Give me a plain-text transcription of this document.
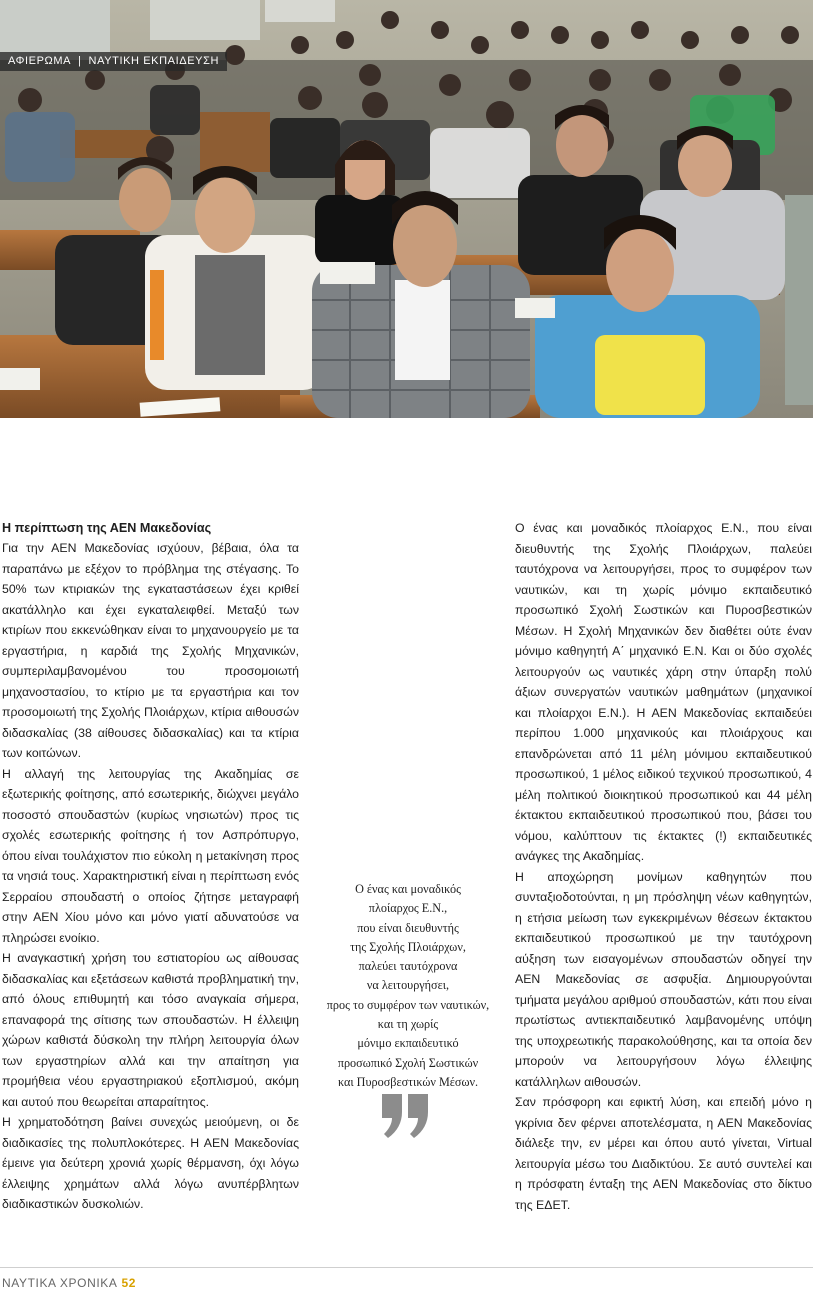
ΑΦΙΕΡΩΜΑ | ΝΑΥΤΙΚΗ ΕΚΠΑΙΔΕΥΣΗ
Η περίπτωση της ΑΕΝ Μακεδονίας

Για την ΑΕΝ Μακεδονίας ισχύουν, βέβαια, όλα τα παραπάνω με εξέχον το πρόβλημα της στέγασης. Το 50% των κτιριακών της εγκαταστάσεων έχει κριθεί ακατάλληλο και έχει εγκαταλειφθεί. Μεταξύ των κτιρίων που εκκενώθηκαν είναι το μηχανουργείο με τα εργαστήρια, η καρδιά της Σχολής Μηχανικών, συμπεριλαμβανομένου του προσομοιωτή μηχανοστασίου, το κτίριο με τα εργαστήρια και τον προσομοιωτή της Σχολής Πλοιάρχων, κτίρια αιθουσών διδασκαλίας (38 αίθουσες διδασκαλίας) και τα κτίρια των κοιτώνων.

Η αλλαγή της λειτουργίας της Ακαδημίας σε εξωτερικής φοίτησης, από εσωτερικής, διώχνει μεγάλο ποσοστό σπουδαστών (κυρίως νησιωτών) προς τις σχολές εσωτερικής φοίτησης ή τον Ασπρόπυργο, όπου είναι τουλάχιστον πιο εύκολη η μετακίνηση προς τα νησιά τους. Χαρακτηριστική είναι η περίπτωση ενός Σερραίου σπουδαστή ο οποίος ζήτησε μεταγραφή στην ΑΕΝ Χίου μόνο και μόνο γιατί αδυνατούσε να πληρώσει ενοίκιο.

Η αναγκαστική χρήση του εστιατορίου ως αίθουσας διδασκαλίας και εξετάσεων καθιστά προβληματική την, από όλους επιθυμητή και τόσο αναγκαία σήμερα, επαναφορά της σίτισης των σπουδαστών. Η έλλειψη χώρων καθιστά δύσκολη την πλήρη λειτουργία όλων των εργαστηρίων αλλά και την απαίτηση για προμήθεια νέου εργαστηριακού εξοπλισμού, ακόμη και αυτού που θεωρείται απαραίτητος.

Η χρηματοδότηση βαίνει συνεχώς μειούμενη, οι δε διαδικασίες της πολυπλοκότερες. Η ΑΕΝ Μακεδονίας έμεινε για δεύτερη χρονιά χωρίς θέρμανση, όχι λόγω έλλειψης χρημάτων αλλά λόγω ανυπέρβλητων διαδικαστικών δυσκολιών.

Ο ένας και μοναδικός
πλοίαρχος Ε.Ν.,
που είναι διευθυντής
της Σχολής Πλοιάρχων,
παλεύει ταυτόχρονα
να λειτουργήσει,
προς το συμφέρον των ναυτικών,
και τη χωρίς
μόνιμο εκπαιδευτικό
προσωπικό Σχολή Σωστικών
και Πυροσβεστικών Μέσων.

Ο ένας και μοναδικός πλοίαρχος Ε.Ν., που είναι διευθυντής της Σχολής Πλοιάρχων, παλεύει ταυτόχρονα να λειτουργήσει, προς το συμφέρον των ναυτικών, και τη χωρίς μόνιμο εκπαιδευτικό προσωπικό Σχολή Σωστικών και Πυροσβεστικών Μέσων. Η Σχολή Μηχανικών δεν διαθέτει ούτε έναν μόνιμο καθηγητή Α΄ μηχανικό Ε.Ν. Και οι δύο σχολές λειτουργούν ως ναυτικές χάρη στην ύπαρξη πολύ άξιων συνεργατών ναυτικών μαθημάτων (μηχανικοί και πλοίαρχοι Ε.Ν.). Η ΑΕΝ Μακεδονίας εκπαιδεύει περίπου 1.000 μηχανικούς και πλοιάρχους και επανδρώνεται από 11 μέλη μόνιμου εκπαιδευτικού προσωπικού, 1 μέλος ειδικού τεχνικού προσωπικού, 4 μέλη πολιτικού διοικητικού προσωπικού και 44 μέλη έκτακτου εκπαιδευτικού προσωπικού που, βάσει του νόμου, καλύπτουν τις έκτακτες (!) εκπαιδευτικές ανάγκες της Ακαδημίας.

Η αποχώρηση μονίμων καθηγητών που συνταξιοδοτούνται, η μη πρόσληψη νέων καθηγητών, η ετήσια μείωση των εγκεκριμένων θέσεων έκτακτου εκπαιδευτικού προσωπικού με την ταυτόχρονη αύξηση των εισαγομένων σπουδαστών οδηγεί την ΑΕΝ Μακεδονίας σε ασφυξία. Δημιουργούνται τμήματα μεγάλου αριθμού σπουδαστών, κάτι που είναι πρωτίστως αντιεκπαιδευτικό λαμβανομένης υπόψη της υποχρεωτικής παρακολούθησης, και τα οποία δεν μπορούν να λειτουργήσουν λόγω έλλειψης κατάλληλων αιθουσών.

Σαν πρόσφορη και εφικτή λύση, και επειδή μόνο η γκρίνια δεν φέρνει αποτελέσματα, η ΑΕΝ Μακεδονίας διάλεξε την, εν μέρει και όπου αυτό γίνεται, Virtual λειτουργία μέσω του Διαδικτύου. Σε αυτό συντελεί και η πρόσφατη ένταξη της ΑΕΝ Μακεδονίας στο δίκτυο της ΕΔΕΤ.

ΝΑΥΤΙΚΑ ΧΡΟΝΙΚΑ 52
